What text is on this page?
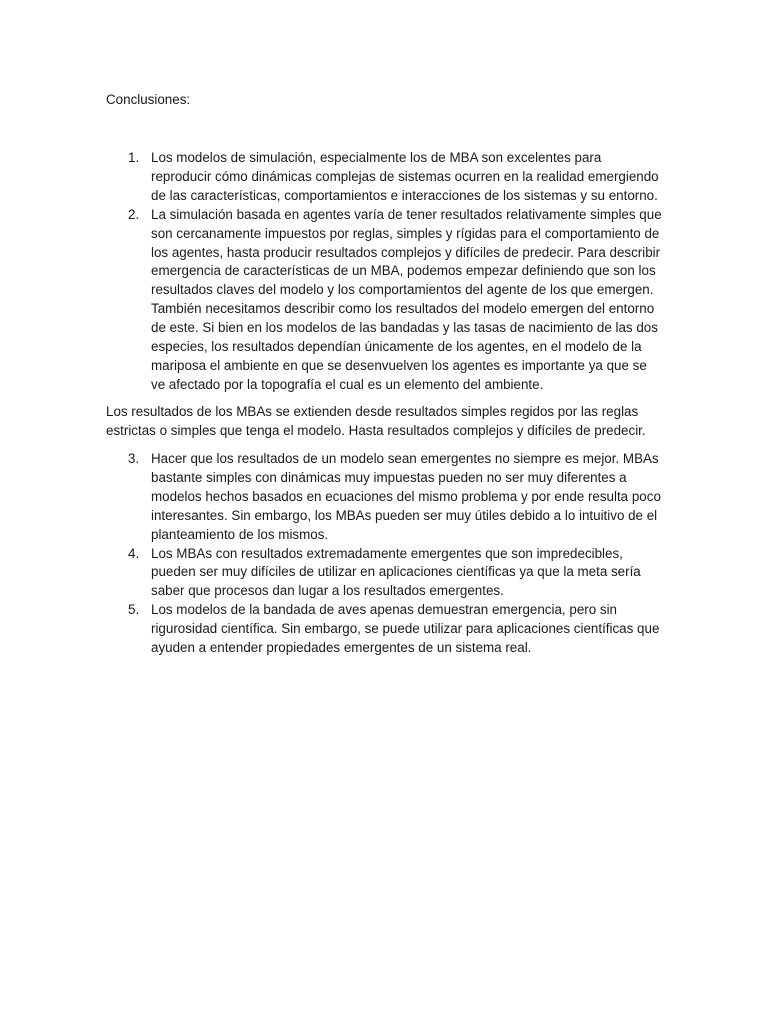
Conclusiones:

1. Los modelos de simulación, especialmente los de MBA son excelentes para reproducir cómo dinámicas complejas de sistemas ocurren en la realidad emergiendo de las características, comportamientos e interacciones de los sistemas y su entorno.
2. La simulación basada en agentes varía de tener resultados relativamente simples que son cercanamente impuestos por reglas, simples y rígidas para el comportamiento de los agentes, hasta producir resultados complejos y difíciles de predecir. Para describir emergencia de características de un MBA, podemos empezar definiendo que son los resultados claves del modelo y los comportamientos del agente de los que emergen. También necesitamos describir como los resultados del modelo emergen del entorno de este. Si bien en los modelos de las bandadas y las tasas de nacimiento de las dos especies, los resultados dependían únicamente de los agentes, en el modelo de la mariposa el ambiente en que se desenvuelven los agentes es importante ya que se ve afectado por la topografía el cual es un elemento del ambiente.

Los resultados de los MBAs se extienden desde resultados simples regidos por las reglas estrictas o simples que tenga el modelo. Hasta resultados complejos y difíciles de predecir.

3. Hacer que los resultados de un modelo sean emergentes no siempre es mejor. MBAs bastante simples con dinámicas muy impuestas pueden no ser muy diferentes a modelos hechos basados en ecuaciones del mismo problema y por ende resulta poco interesantes. Sin embargo, los MBAs pueden ser muy útiles debido a lo intuitivo de el planteamiento de los mismos.
4. Los MBAs con resultados extremadamente emergentes que son impredecibles, pueden ser muy difíciles de utilizar en aplicaciones científicas ya que la meta sería saber que procesos dan lugar a los resultados emergentes.
5. Los modelos de la bandada de aves apenas demuestran emergencia, pero sin rigurosidad científica. Sin embargo, se puede utilizar para aplicaciones científicas que ayuden a entender propiedades emergentes de un sistema real.
